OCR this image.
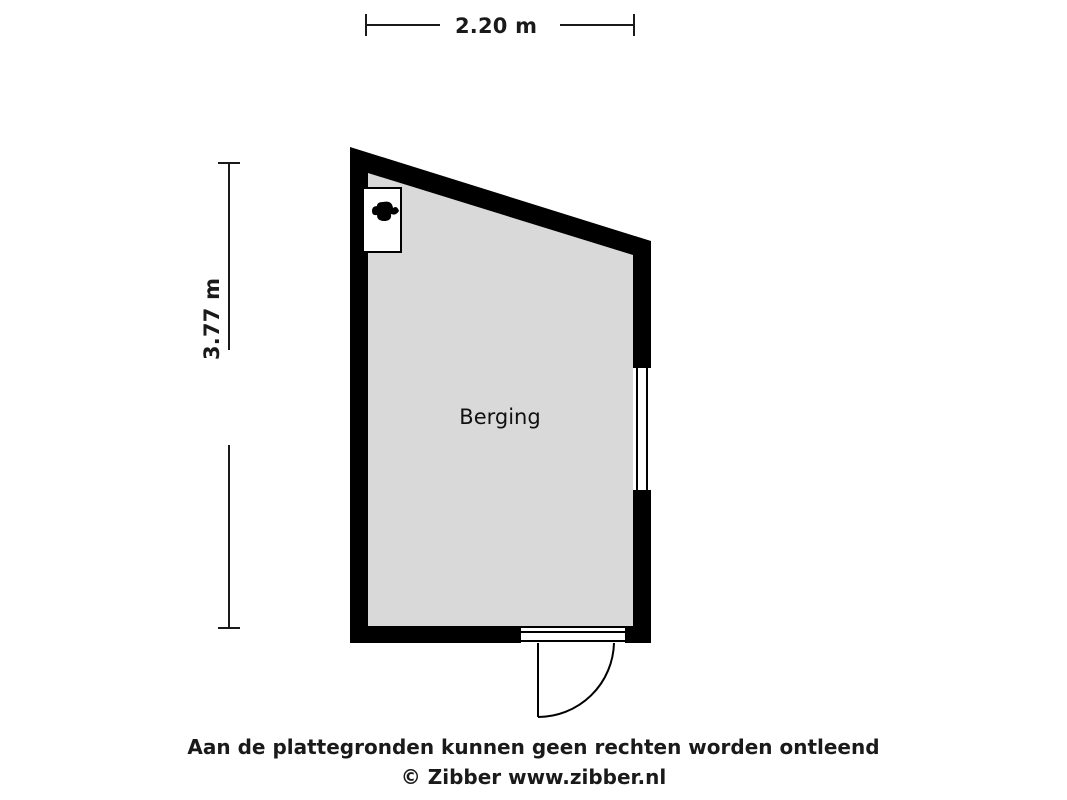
2.20 m
3.77 m
Berging
Aan de plattegronden kunnen geen rechten worden ontleend
© Zibber www.zibber.nl
